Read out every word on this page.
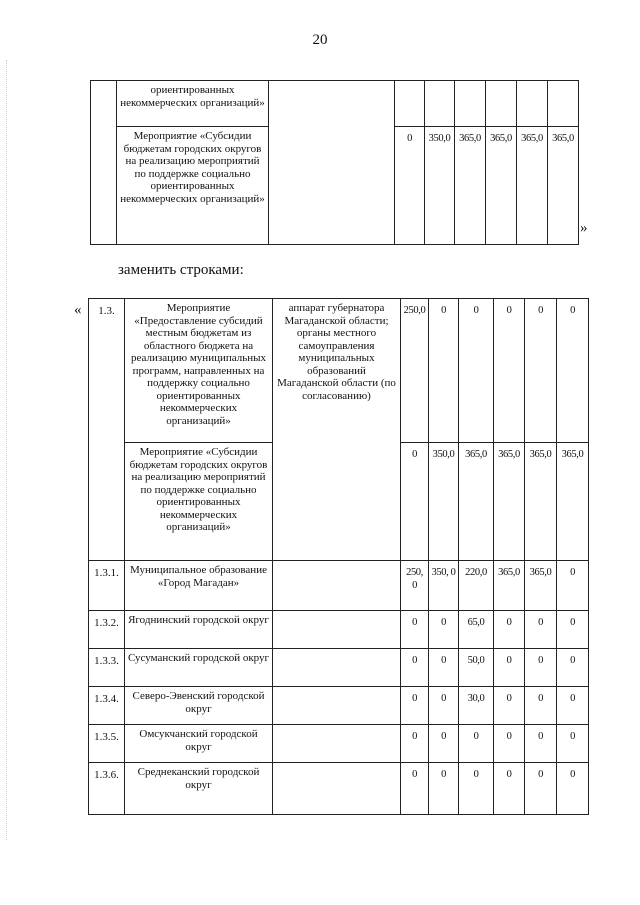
20
	ориентированных некоммерческих организаций»							
	Мероприятие «Субсидии бюджетам городских округов на реализацию мероприятий по поддержке социально ориентированных некоммерческих организаций»		0	350,0	365,0	365,0	365,0	365,0
»
заменить строками:
« 1.3.	Мероприятие «Предоставление субсидий местным бюджетам из областного бюджета на реализацию муниципальных программ, направленных на поддержку социально ориентированных некоммерческих организаций»	аппарат губернатора Магаданской области; органы местного самоуправления муниципальных образований Магаданской области (по согласованию)	250,0	0	0	0	0	0
	Мероприятие «Субсидии бюджетам городских округов на реализацию мероприятий по поддержке социально ориентированных некоммерческих организаций»		0	350,0	365,0	365,0	365,0	365,0
1.3.1.	Муниципальное образование «Город Магадан»		250, 0	350, 0	220,0	365,0	365,0	0
1.3.2.	Ягоднинский городской округ		0	0	65,0	0	0	0
1.3.3.	Сусуманский городской округ		0	0	50,0	0	0	0
1.3.4.	Северо-Эвенский городской округ		0	0	30,0	0	0	0
1.3.5.	Омсукчанский городской округ		0	0	0	0	0	0
1.3.6.	Среднеканский городской округ		0	0	0	0	0	0
